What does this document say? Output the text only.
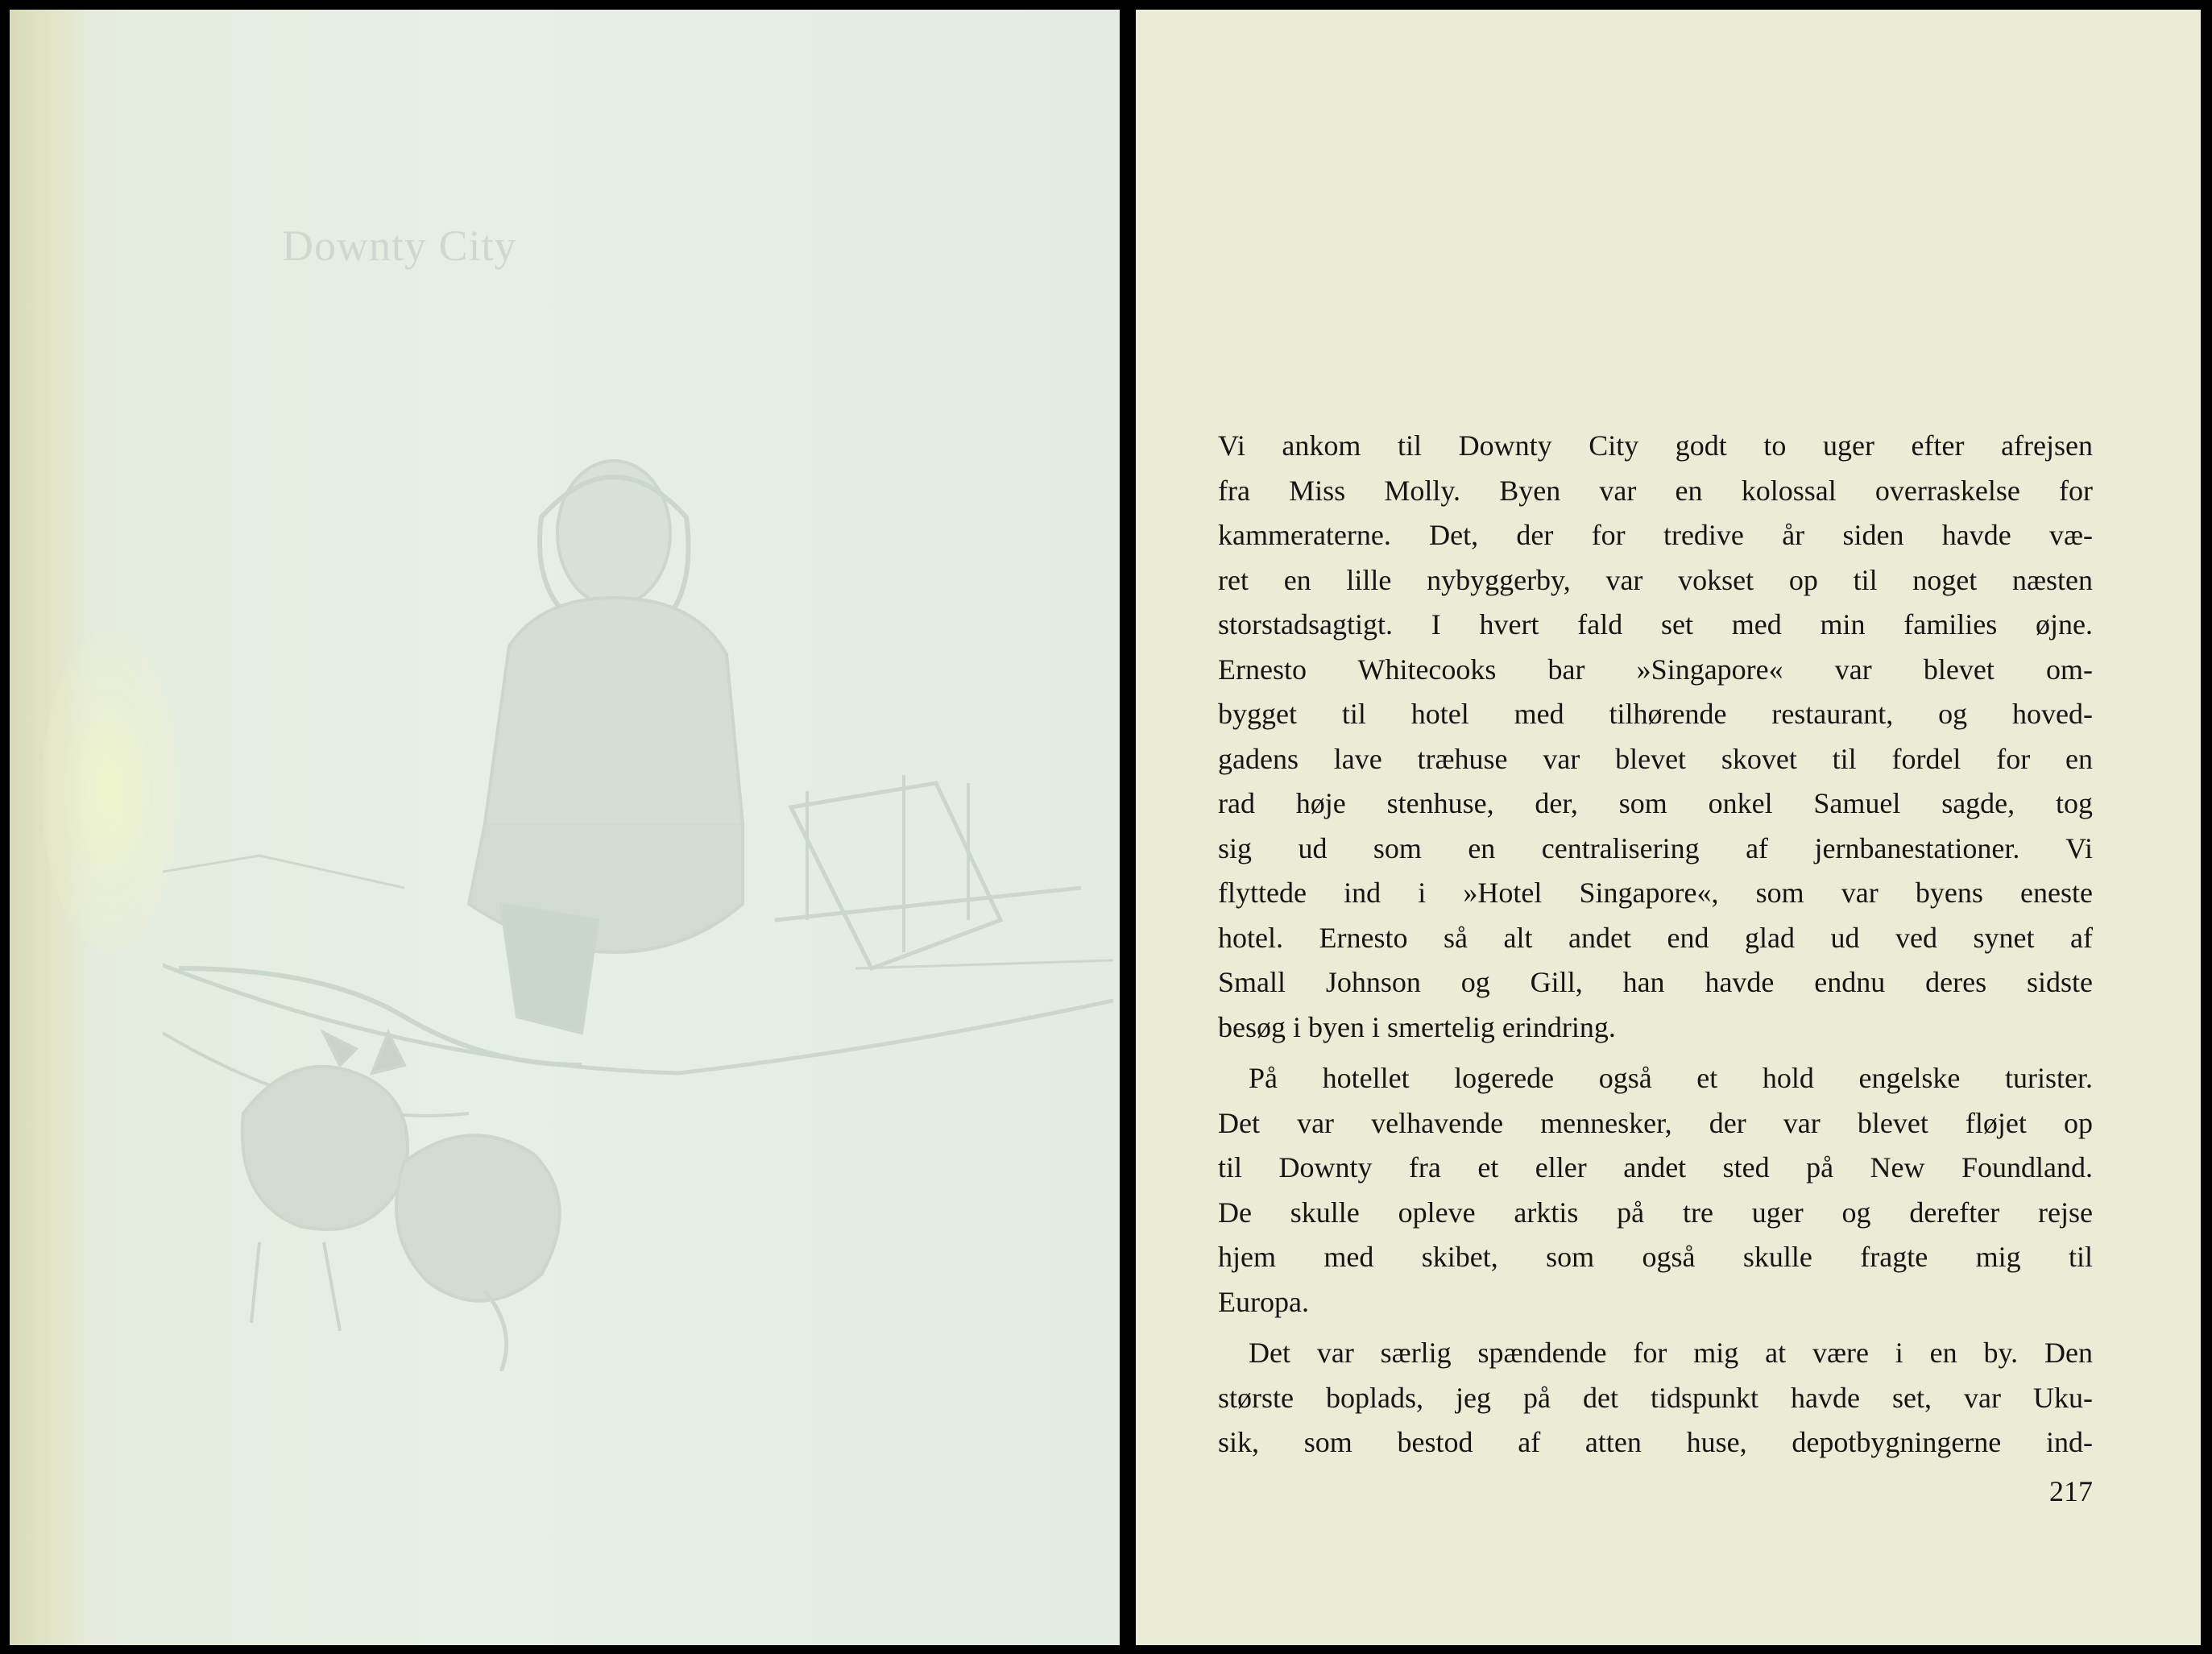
Downty City

Vi ankom til Downty City godt to uger efter afrejsen

fra Miss Molly. Byen var en kolossal overraskelse for

kammeraterne. Det, der for tredive år siden havde væ-

ret en lille nybyggerby, var vokset op til noget næsten

storstadsagtigt. I hvert fald set med min families øjne.

Ernesto Whitecooks bar »Singapore« var blevet om-

bygget til hotel med tilhørende restaurant, og hoved-

gadens lave træhuse var blevet skovet til fordel for en

rad høje stenhuse, der, som onkel Samuel sagde, tog

sig ud som en centralisering af jernbanestationer. Vi

flyttede ind i »Hotel Singapore«, som var byens eneste

hotel. Ernesto så alt andet end glad ud ved synet af

Small Johnson og Gill, han havde endnu deres sidste

besøg i byen i smertelig erindring.

På hotellet logerede også et hold engelske turister.

Det var velhavende mennesker, der var blevet fløjet op

til Downty fra et eller andet sted på New Foundland.

De skulle opleve arktis på tre uger og derefter rejse

hjem med skibet, som også skulle fragte mig til

Europa.

Det var særlig spændende for mig at være i en by. Den

største boplads, jeg på det tidspunkt havde set, var Uku-

sik, som bestod af atten huse, depotbygningerne ind-

217
